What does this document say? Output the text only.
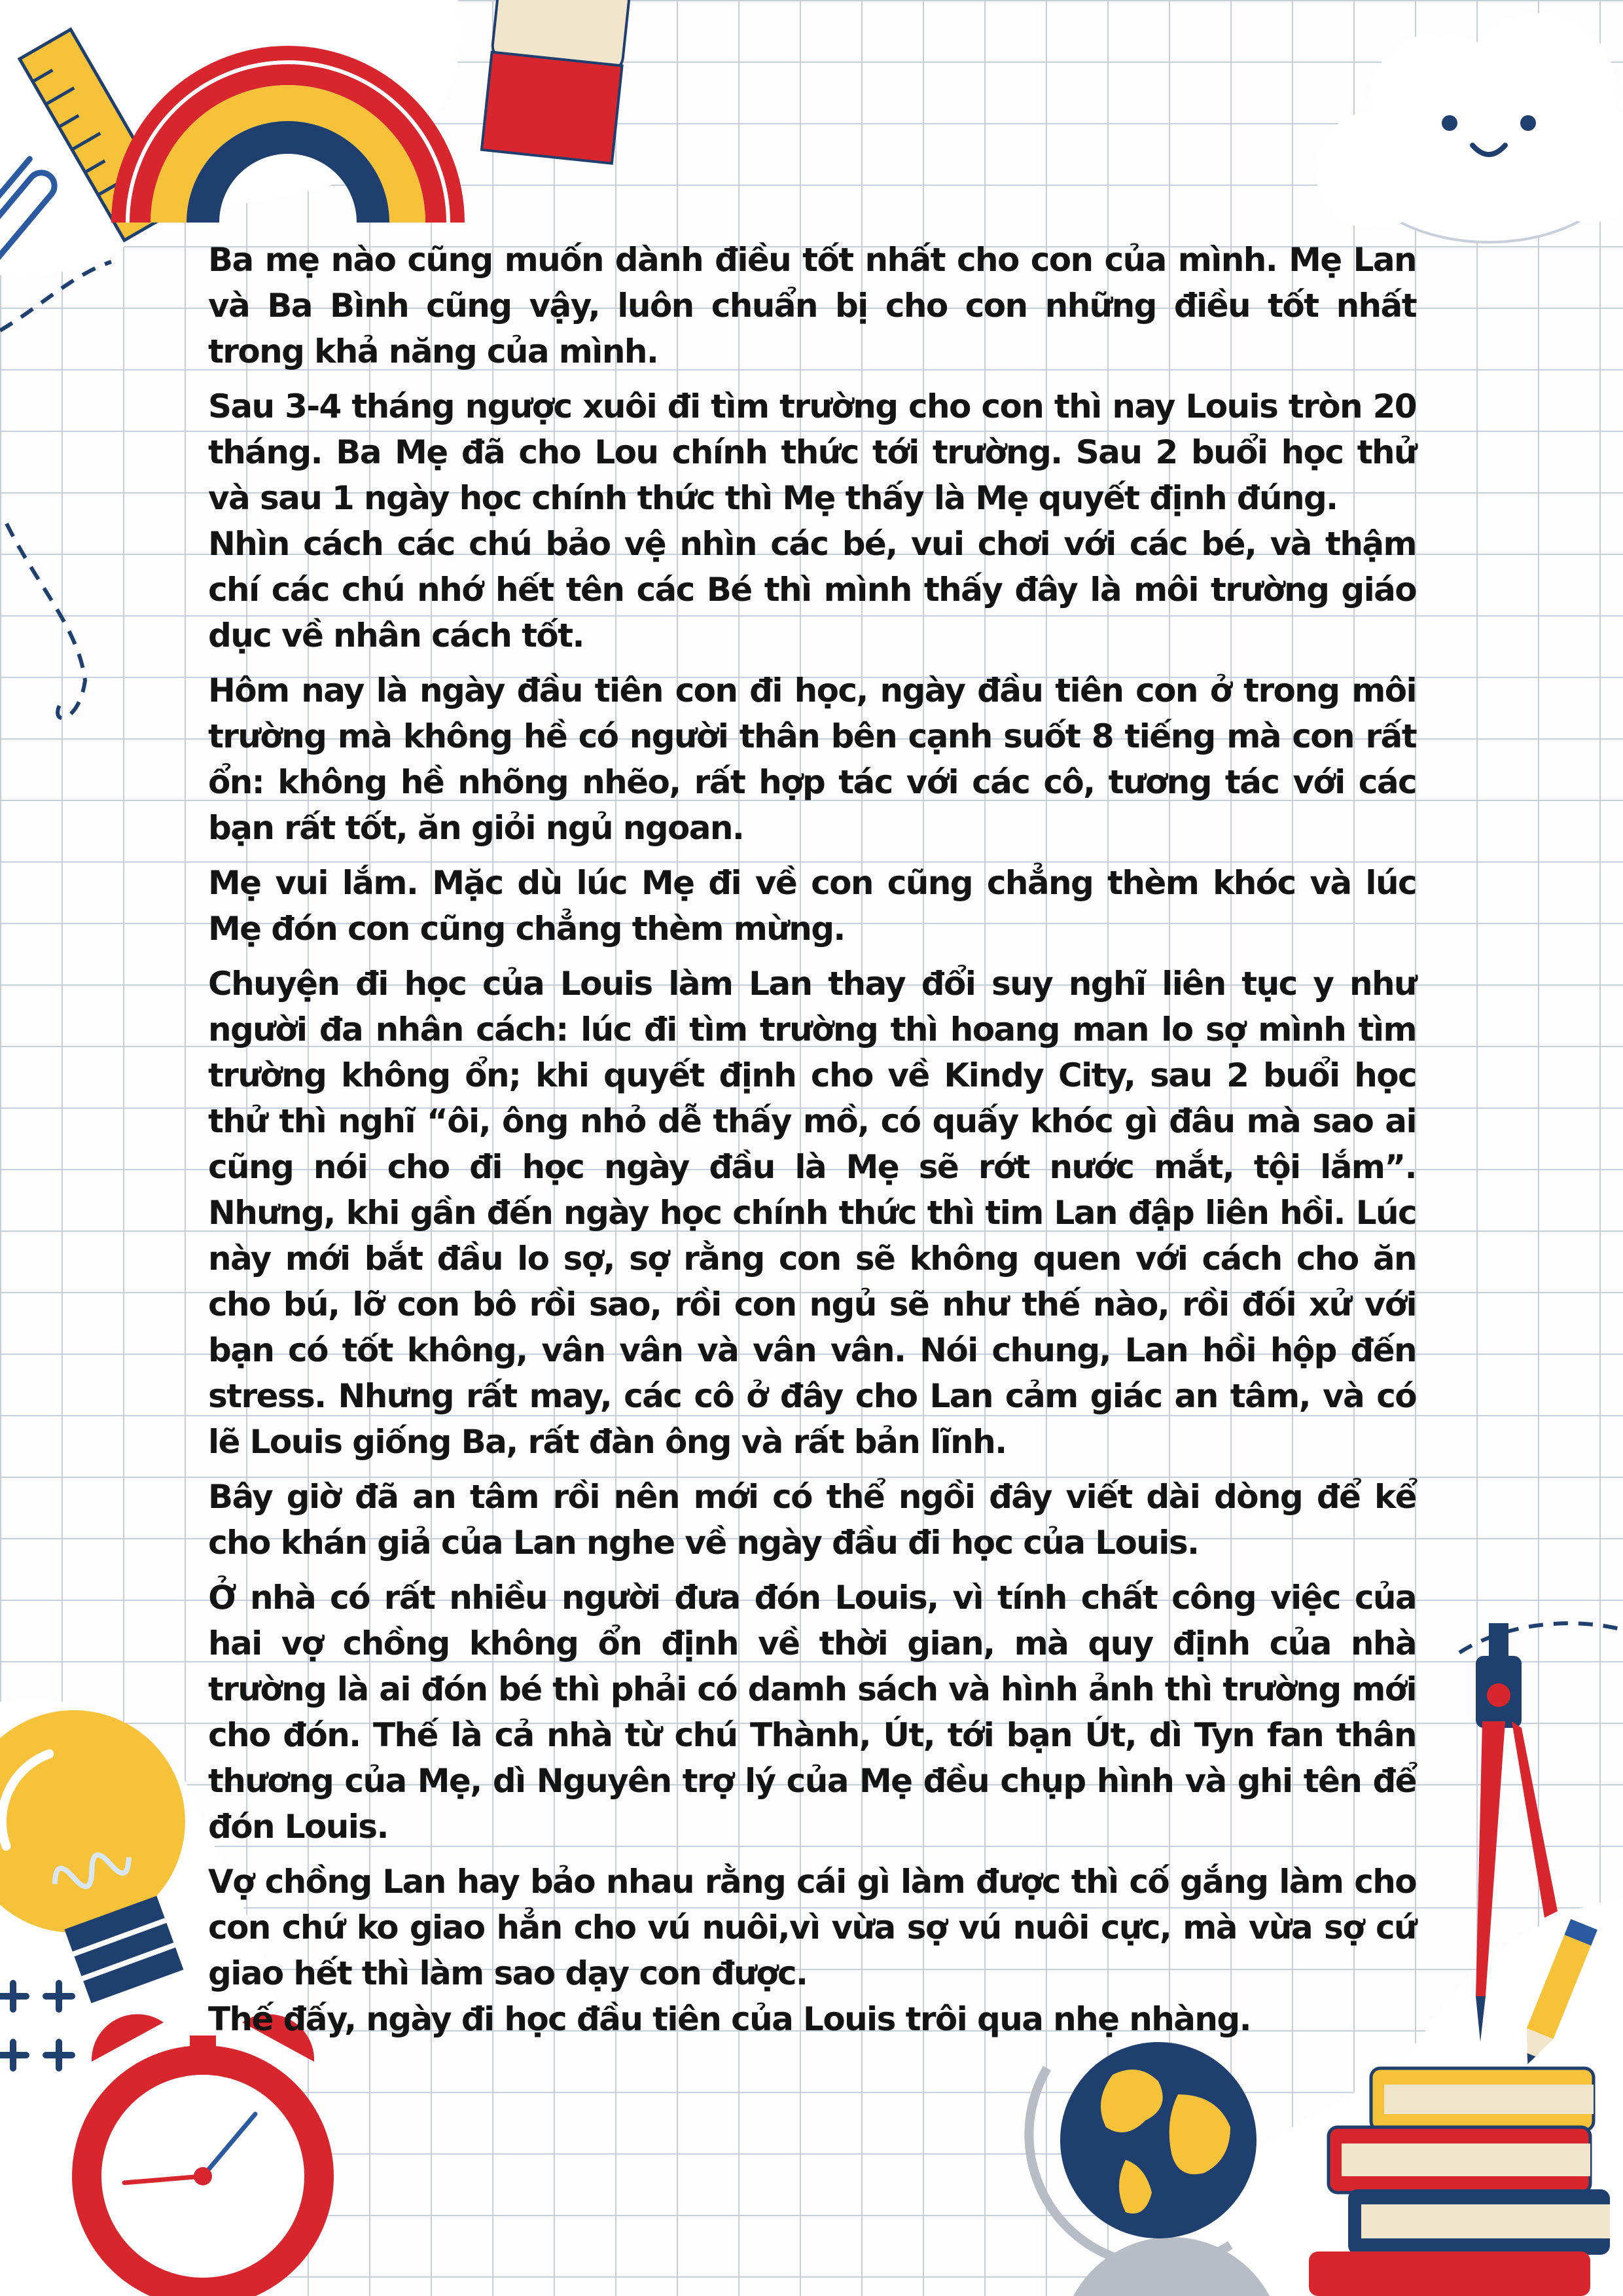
Ba mẹ nào cũng muốn dành điều tốt nhất cho con của mình. Mẹ Lan và Ba Bình cũng vậy, luôn chuẩn bị cho con những điều tốt nhất trong khả năng của mình.

Sau 3-4 tháng ngược xuôi đi tìm trường cho con thì nay Louis tròn 20 tháng. Ba Mẹ đã cho Lou chính thức tới trường. Sau 2 buổi học thử và sau 1 ngày học chính thức thì Mẹ thấy là Mẹ quyết định đúng.

Nhìn cách các chú bảo vệ nhìn các bé, vui chơi với các bé, và thậm chí các chú nhớ hết tên các Bé thì mình thấy đây là môi trường giáo dục về nhân cách tốt.

Hôm nay là ngày đầu tiên con đi học, ngày đầu tiên con ở trong môi trường mà không hề có người thân bên cạnh suốt 8 tiếng mà con rất ổn: không hề nhõng nhẽo, rất hợp tác với các cô, tương tác với các bạn rất tốt, ăn giỏi ngủ ngoan.

Mẹ vui lắm. Mặc dù lúc Mẹ đi về con cũng chẳng thèm khóc và lúc Mẹ đón con cũng chẳng thèm mừng.

Chuyện đi học của Louis làm Lan thay đổi suy nghĩ liên tục y như người đa nhân cách: lúc đi tìm trường thì hoang man lo sợ mình tìm trường không ổn; khi quyết định cho về Kindy City, sau 2 buổi học thử thì nghĩ “ôi, ông nhỏ dễ thấy mồ, có quấy khóc gì đâu mà sao ai cũng nói cho đi học ngày đầu là Mẹ sẽ rớt nước mắt, tội lắm”. Nhưng, khi gần đến ngày học chính thức thì tim Lan đập liên hồi. Lúc này mới bắt đầu lo sợ, sợ rằng con sẽ không quen với cách cho ăn cho bú, lỡ con bô rồi sao, rồi con ngủ sẽ như thế nào, rồi đối xử với bạn có tốt không, vân vân và vân vân. Nói chung, Lan hồi hộp đến stress. Nhưng rất may, các cô ở đây cho Lan cảm giác an tâm, và có lẽ Louis giống Ba, rất đàn ông và rất bản lĩnh.

Bây giờ đã an tâm rồi nên mới có thể ngồi đây viết dài dòng để kể cho khán giả của Lan nghe về ngày đầu đi học của Louis.

Ở nhà có rất nhiều người đưa đón Louis, vì tính chất công việc của hai vợ chồng không ổn định về thời gian, mà quy định của nhà trường là ai đón bé thì phải có damh sách và hình ảnh thì trường mới cho đón. Thế là cả nhà từ chú Thành, Út, tới bạn Út, dì Tyn fan thân thương của Mẹ, dì Nguyên trợ lý của Mẹ đều chụp hình và ghi tên để đón Louis.

Vợ chồng Lan hay bảo nhau rằng cái gì làm được thì cố gắng làm cho con chứ ko giao hẳn cho vú nuôi,vì vừa sợ vú nuôi cực, mà vừa sợ cứ giao hết thì làm sao dạy con được.

Thế đấy, ngày đi học đầu tiên của Louis trôi qua nhẹ nhàng.
